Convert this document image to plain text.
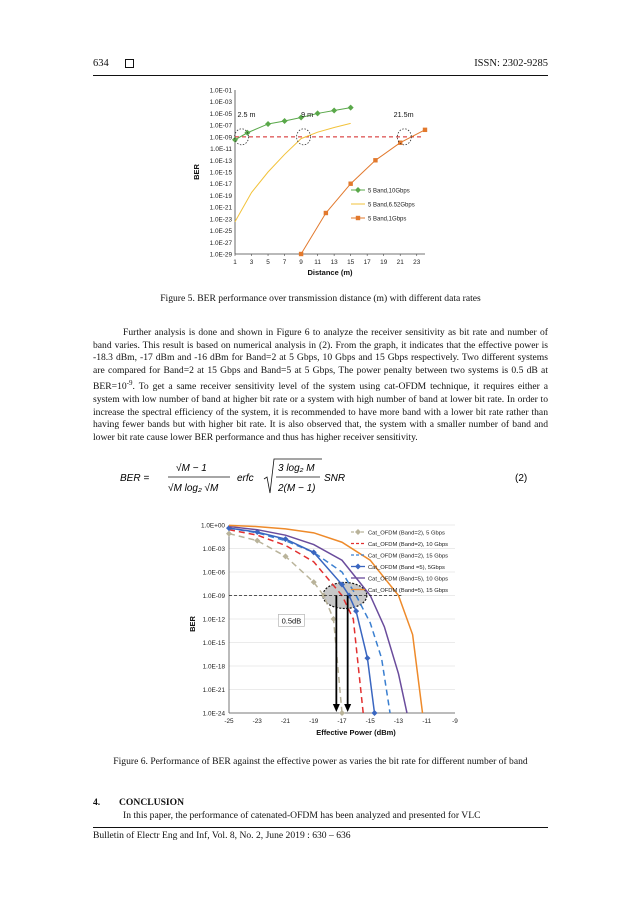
634	ISSN: 2302-9285
1.0E-01
1.0E-03
1.0E-05
1.0E-07
1.0E-09
1.0E-11
1.0E-13
1.0E-15
1.0E-17
1.0E-19
1.0E-21
1.0E-23
1.0E-25
1.0E-27
1.0E-29
1 3 5 7 9 11 13 15 17 19 21 23
Distance (m)
BER
2.5 m	9 m	21.5m
5 Band,10Gbps
5 Band,6.52Gbps
5 Band,1Gbps
Figure 5. BER performance over transmission distance (m) with different data rates

Further analysis is done and shown in Figure 6 to analyze the receiver sensitivity as bit rate and number of band varies. This result is based on numerical analysis in (2). From the graph, it indicates that the effective power is -18.3 dBm, -17 dBm and -16 dBm for Band=2 at 5 Gbps, 10 Gbps and 15 Gbps respectively. Two different systems are compared for Band=2 at 15 Gbps and Band=5 at 5 Gbps, The power penalty between two systems is 0.5 dB at $BER=10^{-9}$. To get a same receiver sensitivity level of the system using cat-OFDM technique, it requires either a system with low number of band at higher bit rate or a system with high number of band at lower bit rate. In order to increase the spectral efficiency of the system, it is recommended to have more band with a lower bit rate rather than having fewer bands but with higher bit rate. It is also observed that, the system with a smaller number of band and lower bit rate cause lower BER performance and thus has higher receiver sensitivity.

BER =
√M − 1
√M log₂ √M
erfc
3 log₂ M
2(M − 1)
SNR	(2)
1.0E+00
1.0E-03
1.0E-06
1.0E-09
1.0E-12
1.0E-15
1.0E-18
1.0E-21
1.0E-24
-25	-23	-21	-19	-17	-15	-13	-11	-9
Effective Power (dBm)
BER	0.5dB
Cat_OFDM (Band=2), 5 Gbps
Cat_OFDM (Band=2), 10 Gbps
Cat_OFDM (Band=2), 15 Gbps
Cat_OFDM (Band =5), 5Gbps
Cat_OFDM (Band=5), 10 Gbps
Cat_OFDM (Band=5), 15 Gbps
Figure 6. Performance of BER against the effective power as varies the bit rate for different number of band
4. CONCLUSION
In this paper, the performance of catenated-OFDM has been analyzed and presented for VLC
Bulletin of Electr Eng and Inf, Vol. 8, No. 2, June 2019 : 630 – 636
